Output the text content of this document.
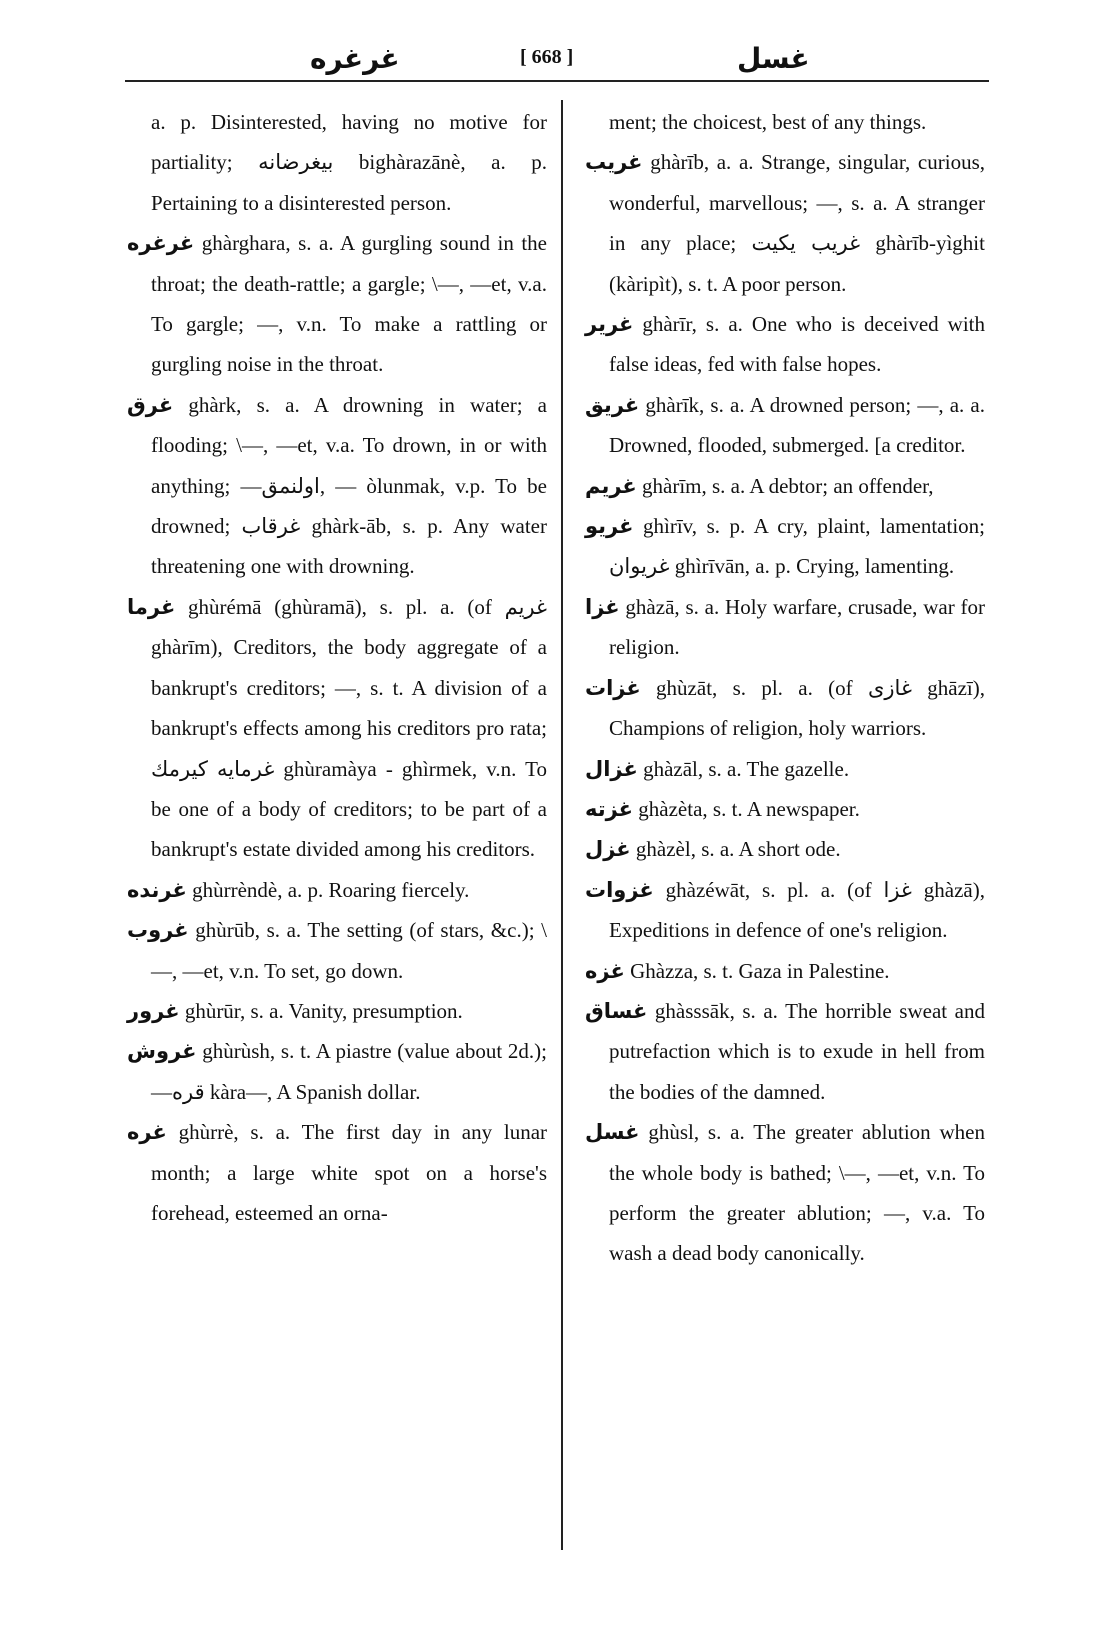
غرغره	[ 668 ]	غسل

a. p. Disinterested, having no motive for partiality; بيغرضانه bighàrazānè, a. p. Pertaining to a disinterested person.

غرغره ghàrghara, s. a. A gurgling sound in the throat; the death-rattle; a gargle; \—, —et, v.a. To gargle; —, v.n. To make a rattling or gurgling noise in the throat.

غرق ghàrk, s. a. A drowning in water; a flooding; \—, —et, v.a. To drown, in or with anything; —اولنمق, — òlunmak, v.p. To be drowned; غرقاب ghàrk-āb, s. p. Any water threatening one with drowning.

غرما ghùrémā (ghùramā), s. pl. a. (of غريم ghàrīm), Creditors, the body aggregate of a bankrupt's creditors; —, s. t. A division of a bankrupt's effects among his creditors pro rata; غرمايه كيرمك ghùramàya - ghìrmek, v.n. To be one of a body of creditors; to be part of a bankrupt's estate divided among his creditors.

غرنده ghùrrèndè, a. p. Roaring fiercely.

غروب ghùrūb, s. a. The setting (of stars, &c.); \—, —et, v.n. To set, go down.

غرور ghùrūr, s. a. Vanity, presumption.

غروش ghùrùsh, s. t. A piastre (value about 2d.); —قره kàra—, A Spanish dollar.

غره ghùrrè, s. a. The first day in any lunar month; a large white spot on a horse's forehead, esteemed an orna-

ment; the choicest, best of any things.

غريب ghàrīb, a. a. Strange, singular, curious, wonderful, marvellous; —, s. a. A stranger in any place; غريب يكيت ghàrīb-yìghit (kàripìt), s. t. A poor person.

غرير ghàrīr, s. a. One who is deceived with false ideas, fed with false hopes.

غريق ghàrīk, s. a. A drowned person; —, a. a. Drowned, flooded, submerged. [a creditor.

غريم ghàrīm, s. a. A debtor; an offender,

غريو ghìrīv, s. p. A cry, plaint, lamentation; غريوان ghìrīvān, a. p. Crying, lamenting.

غزا ghàzā, s. a. Holy warfare, crusade, war for religion.

غزات ghùzāt, s. pl. a. (of غازى ghāzī), Champions of religion, holy warriors.

غزال ghàzāl, s. a. The gazelle.

غزته ghàzèta, s. t. A newspaper.

غزل ghàzèl, s. a. A short ode.

غزوات ghàzéwāt, s. pl. a. (of غزا ghàzā), Expeditions in defence of one's religion.

غزه Ghàzza, s. t. Gaza in Palestine.

غساق ghàsssāk, s. a. The horrible sweat and putrefaction which is to exude in hell from the bodies of the damned.

غسل ghùsl, s. a. The greater ablution when the whole body is bathed; \—, —et, v.n. To perform the greater ablution; —, v.a. To wash a dead body canonically.
